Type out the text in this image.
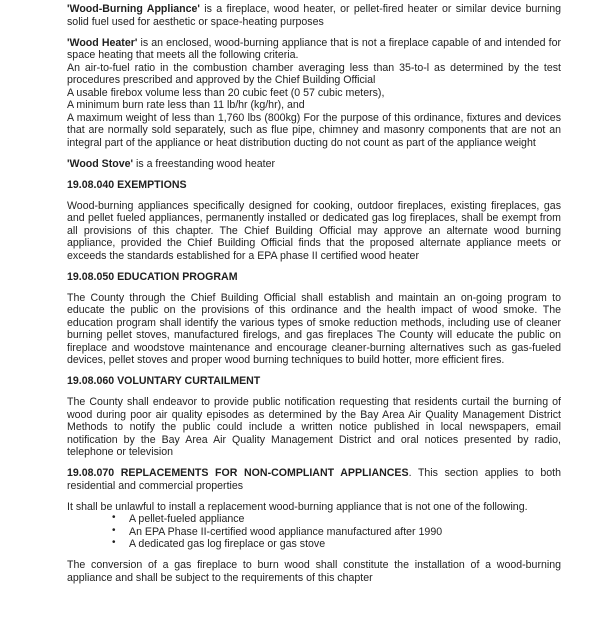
'Wood-Burning Appliance' is a fireplace, wood heater, or pellet-fired heater or similar device burning solid fuel used for aesthetic or space-heating purposes

'Wood Heater' is an enclosed, wood-burning appliance that is not a fireplace capable of and intended for space heating that meets all the following criteria.

An air-to-fuel ratio in the combustion chamber averaging less than 35-to-l as determined by the test procedures prescribed and approved by the Chief Building Official

A usable firebox volume less than 20 cubic feet (0 57 cubic meters),

A minimum burn rate less than 11 lb/hr (kg/hr), and

A maximum weight of less than 1,760 lbs (800kg) For the purpose of this ordinance, fixtures and devices that are normally sold separately, such as flue pipe, chimney and masonry components that are not an integral part of the appliance or heat distribution ducting do not count as part of the appliance weight

'Wood Stove' is a freestanding wood heater

19.08.040 EXEMPTIONS

Wood-burning appliances specifically designed for cooking, outdoor fireplaces, existing fireplaces, gas and pellet fueled appliances, permanently installed or dedicated gas log fireplaces, shall be exempt from all provisions of this chapter. The Chief Building Official may approve an alternate wood burning appliance, provided the Chief Building Official finds that the proposed alternate appliance meets or exceeds the standards established for a EPA phase II certified wood heater

19.08.050 EDUCATION PROGRAM

The County through the Chief Building Official shall establish and maintain an on-going program to educate the public on the provisions of this ordinance and the health impact of wood smoke. The education program shall identify the various types of smoke reduction methods, including use of cleaner burning pellet stoves, manufactured firelogs, and gas fireplaces The County will educate the public on fireplace and woodstove maintenance and encourage cleaner-burning alternatives such as gas-fueled devices, pellet stoves and proper wood burning techniques to build hotter, more efficient fires.

19.08.060 VOLUNTARY CURTAILMENT

The County shall endeavor to provide public notification requesting that residents curtail the burning of wood during poor air quality episodes as determined by the Bay Area Air Quality Management District Methods to notify the public could include a written notice published in local newspapers, email notification by the Bay Area Air Quality Management District and oral notices presented by radio, telephone or television

19.08.070 REPLACEMENTS FOR NON-COMPLIANT APPLIANCES. This section applies to both residential and commercial properties

It shall be unlawful to install a replacement wood-burning appliance that is not one of the following.

• A pellet-fueled appliance
• An EPA Phase II-certified wood appliance manufactured after 1990
• A dedicated gas log fireplace or gas stove

The conversion of a gas fireplace to burn wood shall constitute the installation of a wood-burning appliance and shall be subject to the requirements of this chapter
